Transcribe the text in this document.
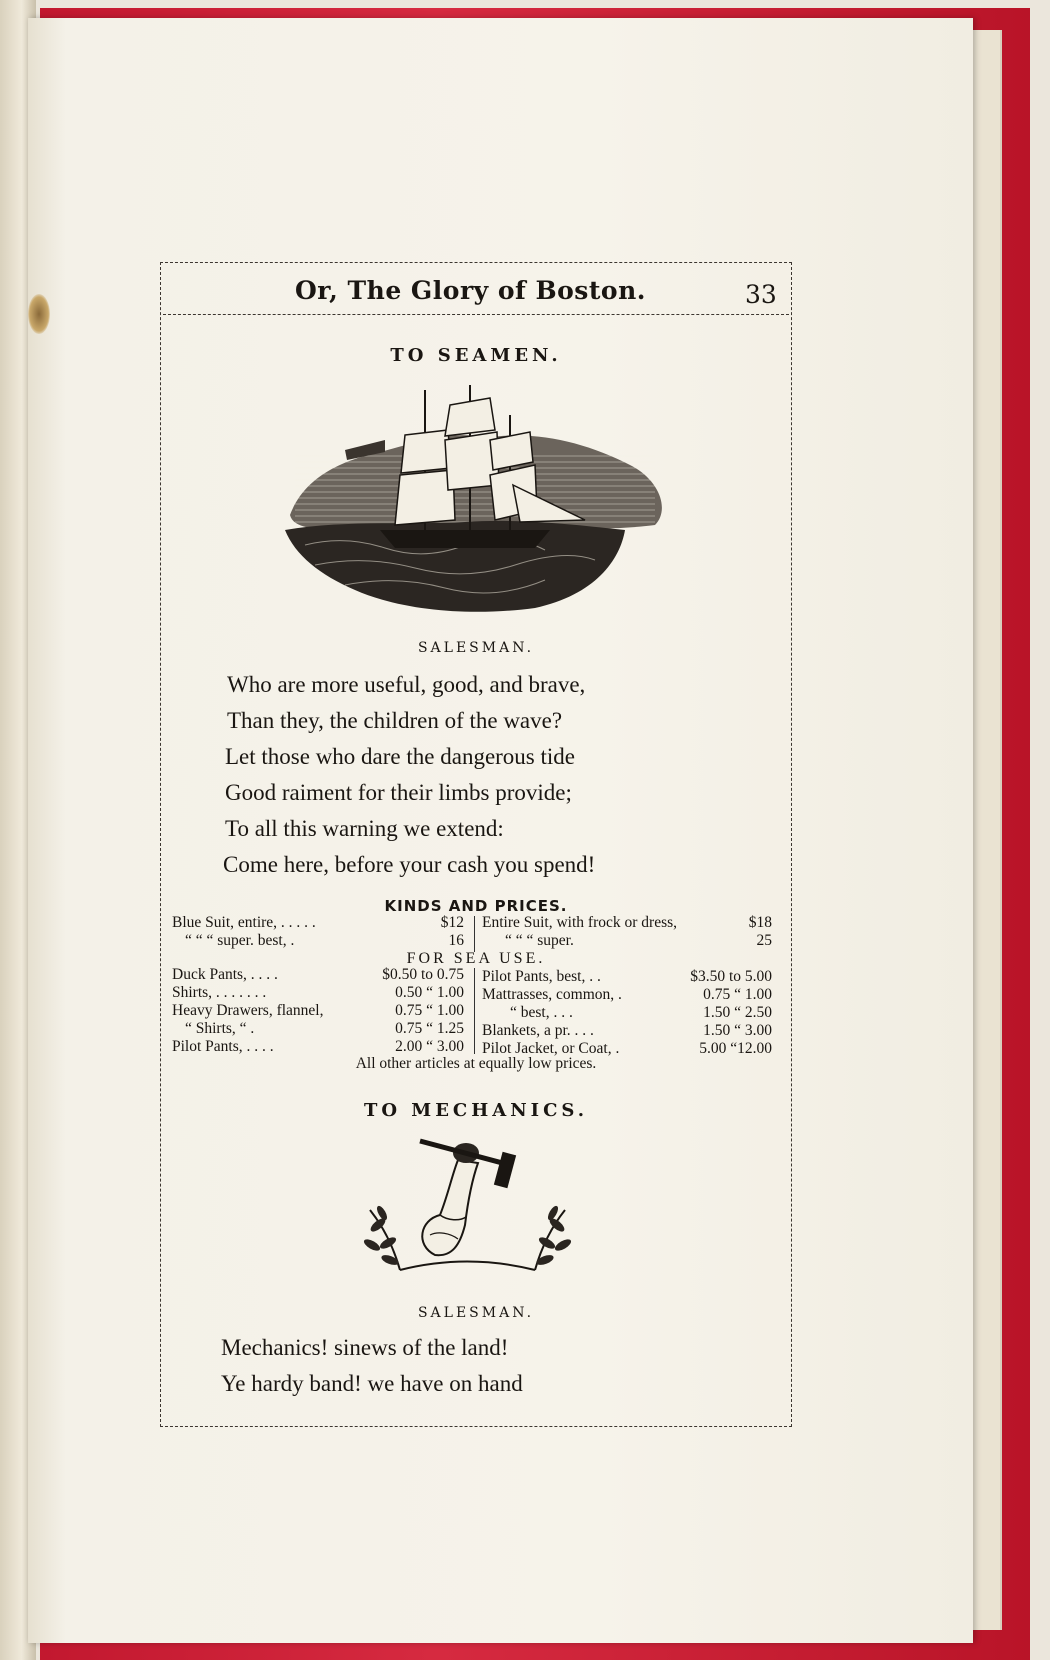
Or, The Glory of Boston.	33
TO SEAMEN.
SALESMAN.
Who are more useful, good, and brave,
Than they, the children of the wave?
Let those who dare the dangerous tide
Good raiment for their limbs provide;
To all this warning we extend:
Come here, before your cash you spend!
KINDS AND PRICES.
Blue Suit, entire, . . . . .	$12 Entire Suit, with frock or dress,	$18
“ “ “ super. best, .	16	“ “ “ super.	25
FOR SEA USE.
Duck Pants, . . . .	$0.50 to 0.75
Shirts, . . . . . . .	0.50 “ 1.00
Heavy Drawers, flannel,	0.75 “ 1.00
“ Shirts, “ .	0.75 “ 1.25
Pilot Pants, . . . .	2.00 “ 3.00
Pilot Pants, best, . .	$3.50 to 5.00
Mattrasses, common, .	0.75 “ 1.00
“ best, . . .	1.50 “ 2.50
Blankets, a pr. . . .	1.50 “ 3.00
Pilot Jacket, or Coat, .	5.00 “12.00
All other articles at equally low prices.
TO MECHANICS.
SALESMAN.
Mechanics! sinews of the land!
Ye hardy band! we have on hand
